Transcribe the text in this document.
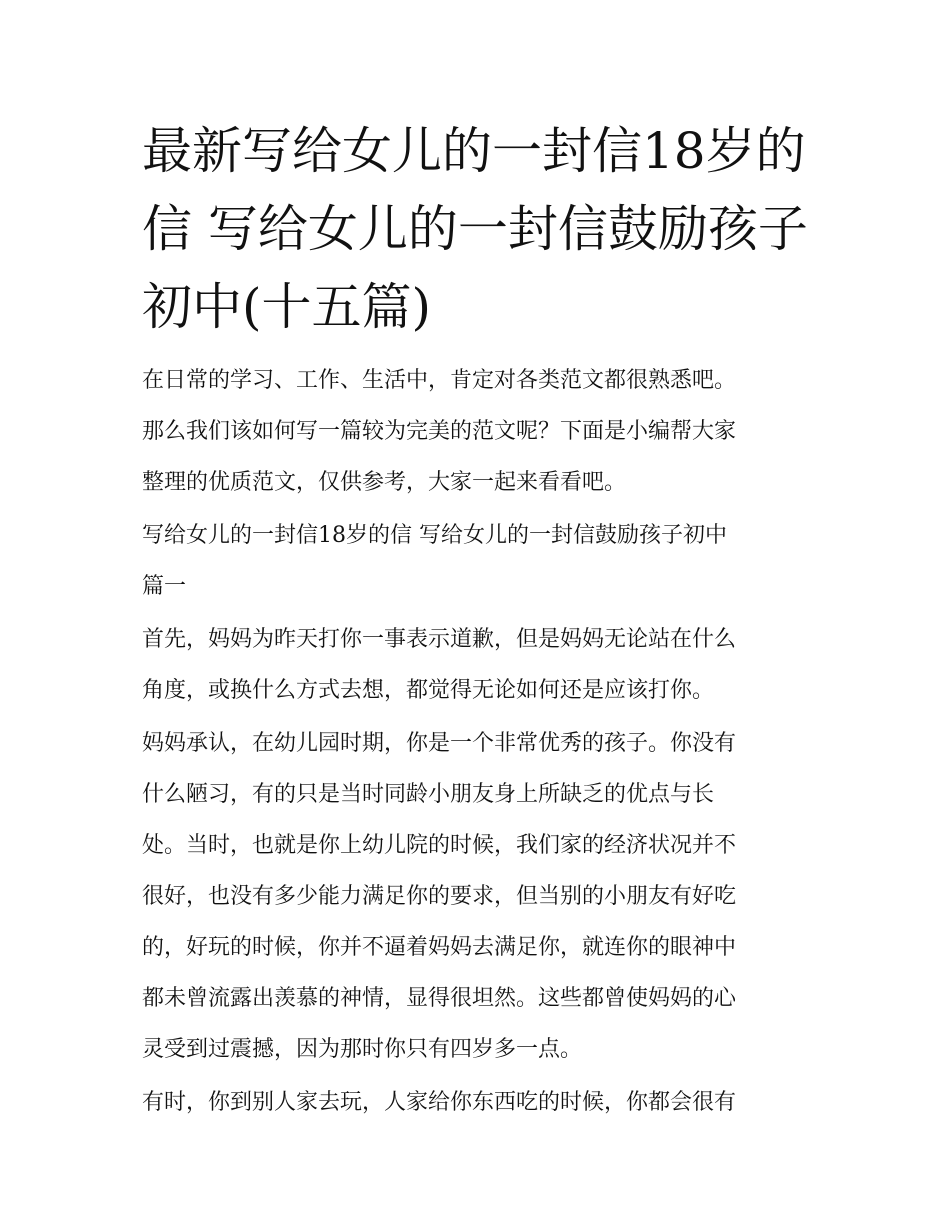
最新写给女儿的一封信18岁的
信 写给女儿的一封信鼓励孩子
初中(十五篇)

在日常的学习、工作、生活中，肯定对各类范文都很熟悉吧。
那么我们该如何写一篇较为完美的范文呢？下面是小编帮大家
整理的优质范文，仅供参考，大家一起来看看吧。

写给女儿的一封信18岁的信 写给女儿的一封信鼓励孩子初中
篇一

首先，妈妈为昨天打你一事表示道歉，但是妈妈无论站在什么
角度，或换什么方式去想，都觉得无论如何还是应该打你。

妈妈承认，在幼儿园时期，你是一个非常优秀的孩子。你没有
什么陋习，有的只是当时同龄小朋友身上所缺乏的优点与长
处。当时，也就是你上幼儿院的时候，我们家的经济状况并不
很好，也没有多少能力满足你的要求，但当别的小朋友有好吃
的，好玩的时候，你并不逼着妈妈去满足你，就连你的眼神中
都未曾流露出羡慕的神情，显得很坦然。这些都曾使妈妈的心
灵受到过震撼，因为那时你只有四岁多一点。

有时，你到别人家去玩，人家给你东西吃的时候，你都会很有
